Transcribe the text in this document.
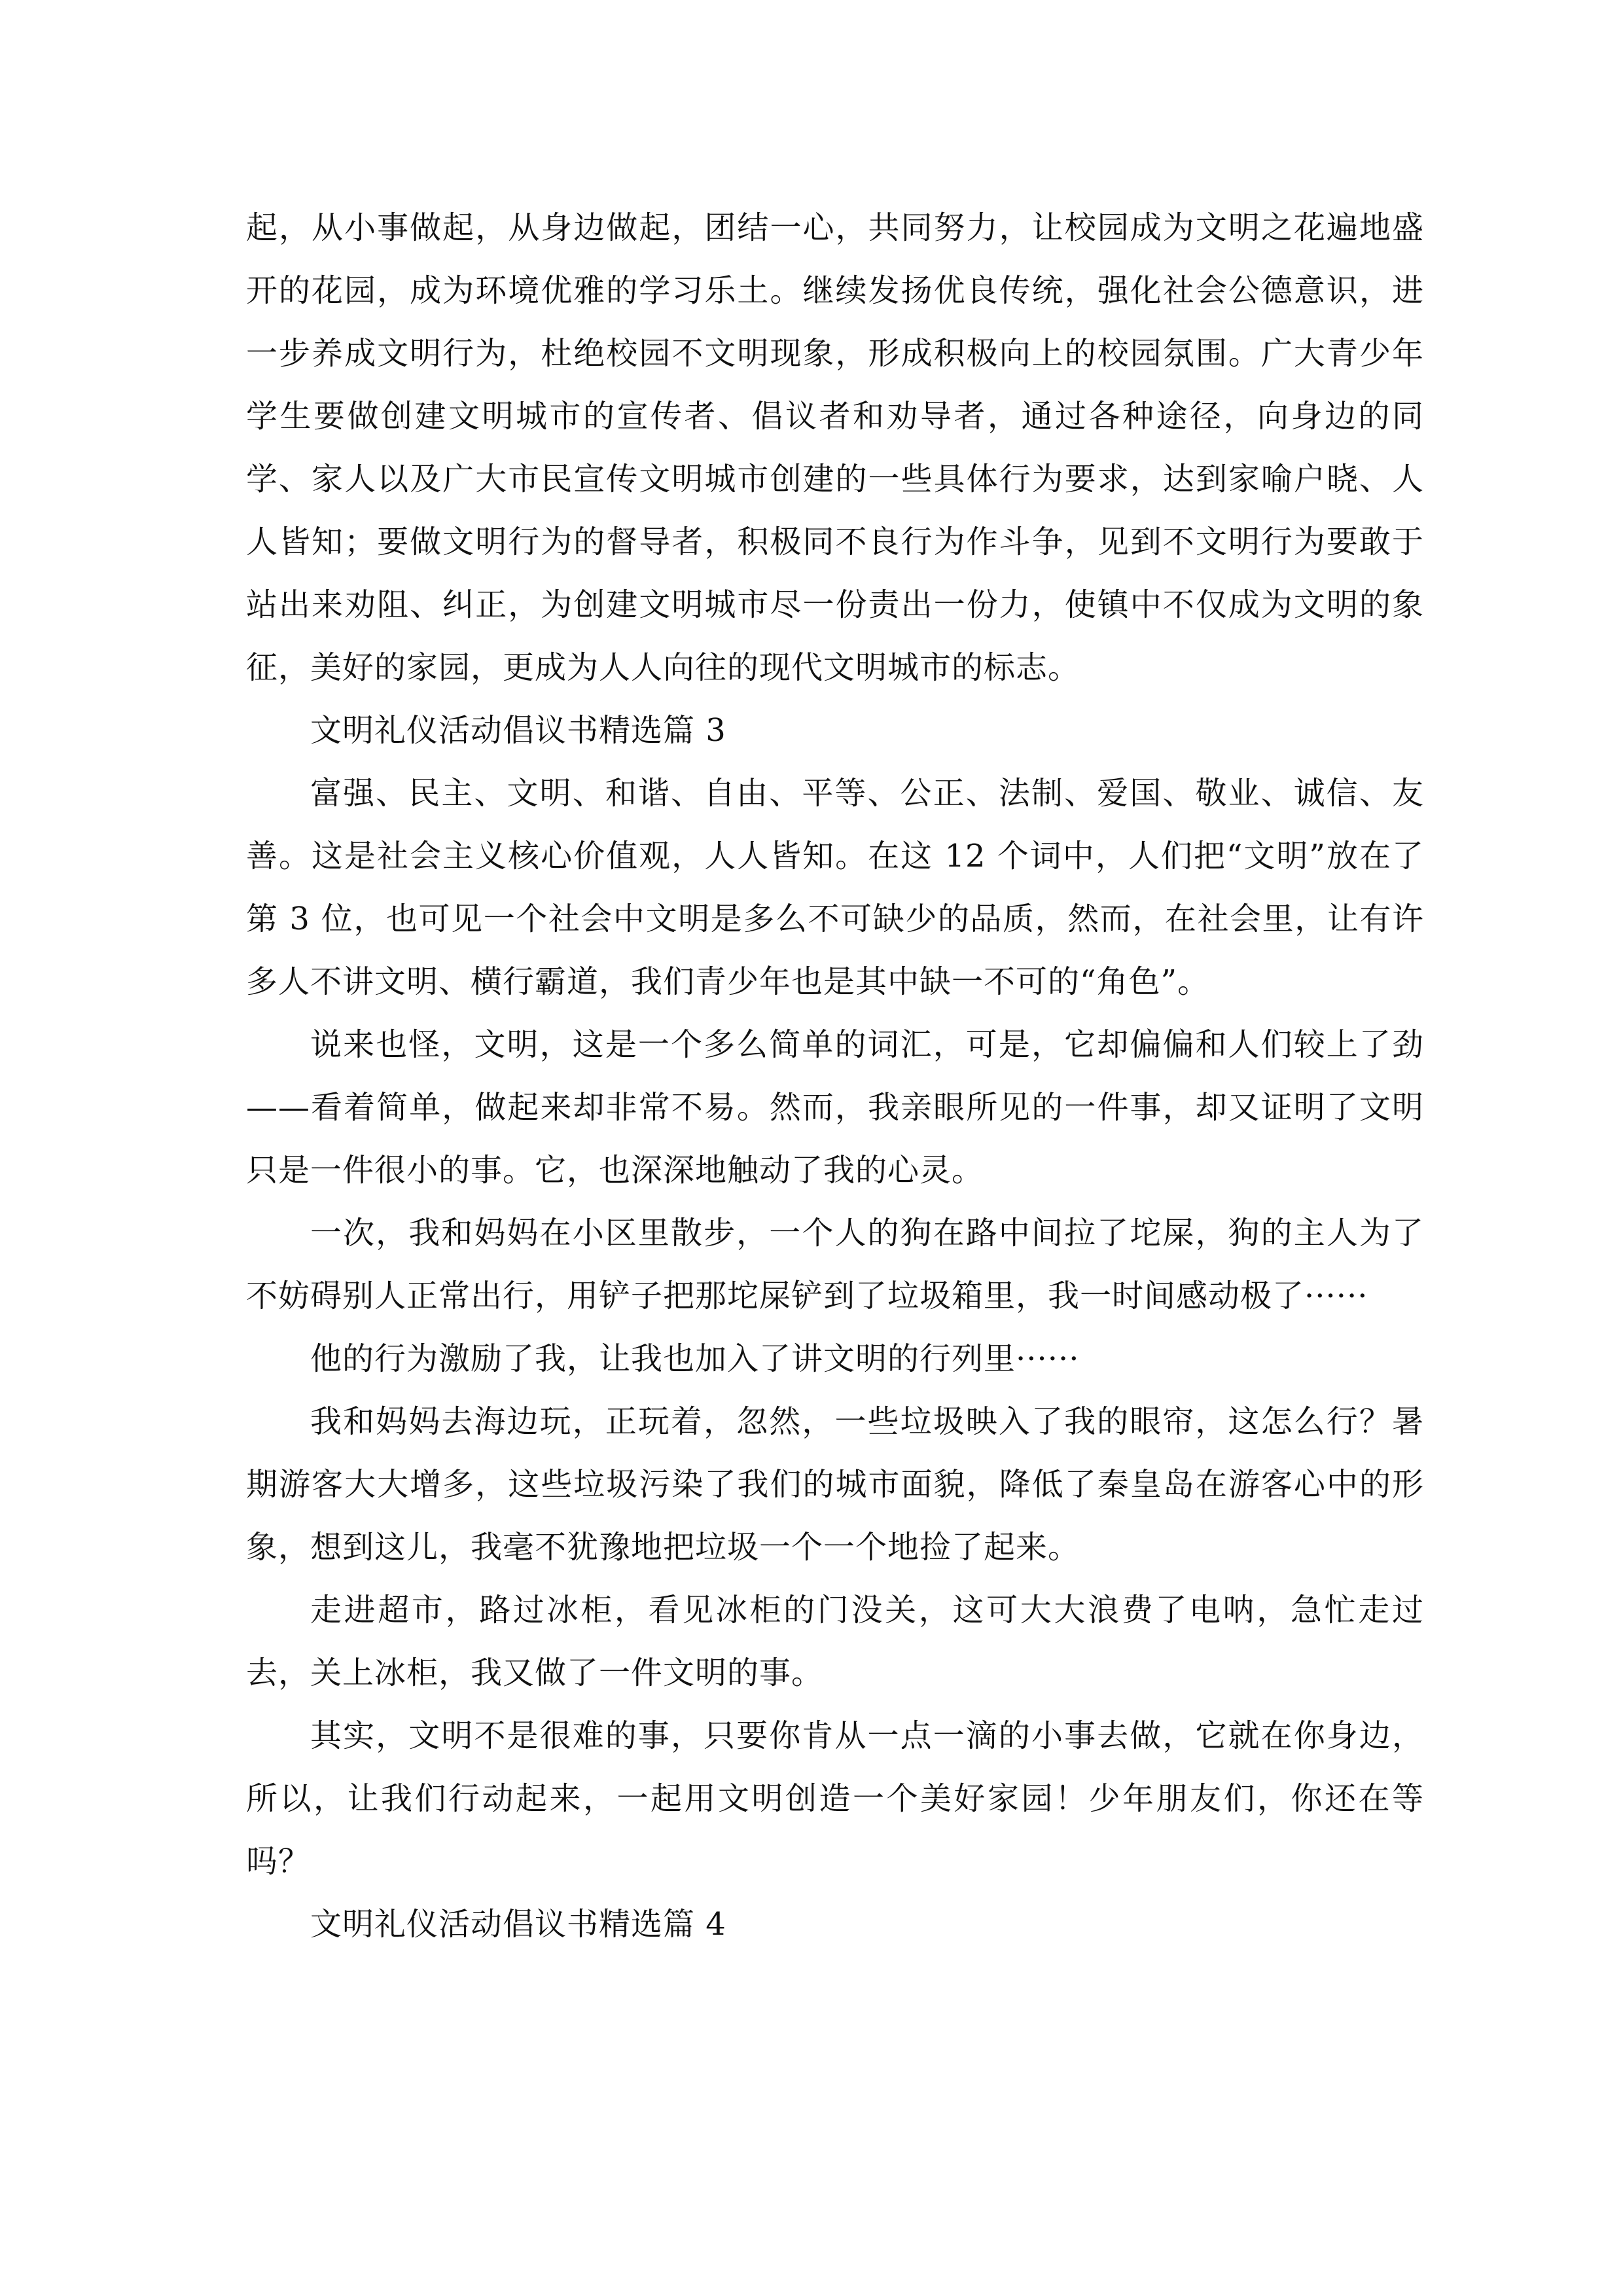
起，从小事做起，从身边做起，团结一心，共同努力，让校园成为文明之花遍地盛开的花园，成为环境优雅的学习乐土。继续发扬优良传统，强化社会公德意识，进一步养成文明行为，杜绝校园不文明现象，形成积极向上的校园氛围。广大青少年学生要做创建文明城市的宣传者、倡议者和劝导者，通过各种途径，向身边的同学、家人以及广大市民宣传文明城市创建的一些具体行为要求，达到家喻户晓、人人皆知；要做文明行为的督导者，积极同不良行为作斗争，见到不文明行为要敢于站出来劝阻、纠正，为创建文明城市尽一份责出一份力，使镇中不仅成为文明的象征，美好的家园，更成为人人向往的现代文明城市的标志。

文明礼仪活动倡议书精选篇 3

富强、民主、文明、和谐、自由、平等、公正、法制、爱国、敬业、诚信、友善。这是社会主义核心价值观，人人皆知。在这 12 个词中，人们把“文明”放在了第 3 位，也可见一个社会中文明是多么不可缺少的品质，然而，在社会里，让有许多人不讲文明、横行霸道，我们青少年也是其中缺一不可的“角色”。

说来也怪，文明，这是一个多么简单的词汇，可是，它却偏偏和人们较上了劲——看着简单，做起来却非常不易。然而，我亲眼所见的一件事，却又证明了文明只是一件很小的事。它，也深深地触动了我的心灵。

一次，我和妈妈在小区里散步，一个人的狗在路中间拉了坨屎，狗的主人为了不妨碍别人正常出行，用铲子把那坨屎铲到了垃圾箱里，我一时间感动极了······

他的行为激励了我，让我也加入了讲文明的行列里······

我和妈妈去海边玩，正玩着，忽然，一些垃圾映入了我的眼帘，这怎么行？暑期游客大大增多，这些垃圾污染了我们的城市面貌，降低了秦皇岛在游客心中的形象，想到这儿，我毫不犹豫地把垃圾一个一个地捡了起来。

走进超市，路过冰柜，看见冰柜的门没关，这可大大浪费了电呐，急忙走过去，关上冰柜，我又做了一件文明的事。

其实，文明不是很难的事，只要你肯从一点一滴的小事去做，它就在你身边，所以，让我们行动起来，一起用文明创造一个美好家园！少年朋友们，你还在等吗？

文明礼仪活动倡议书精选篇 4
